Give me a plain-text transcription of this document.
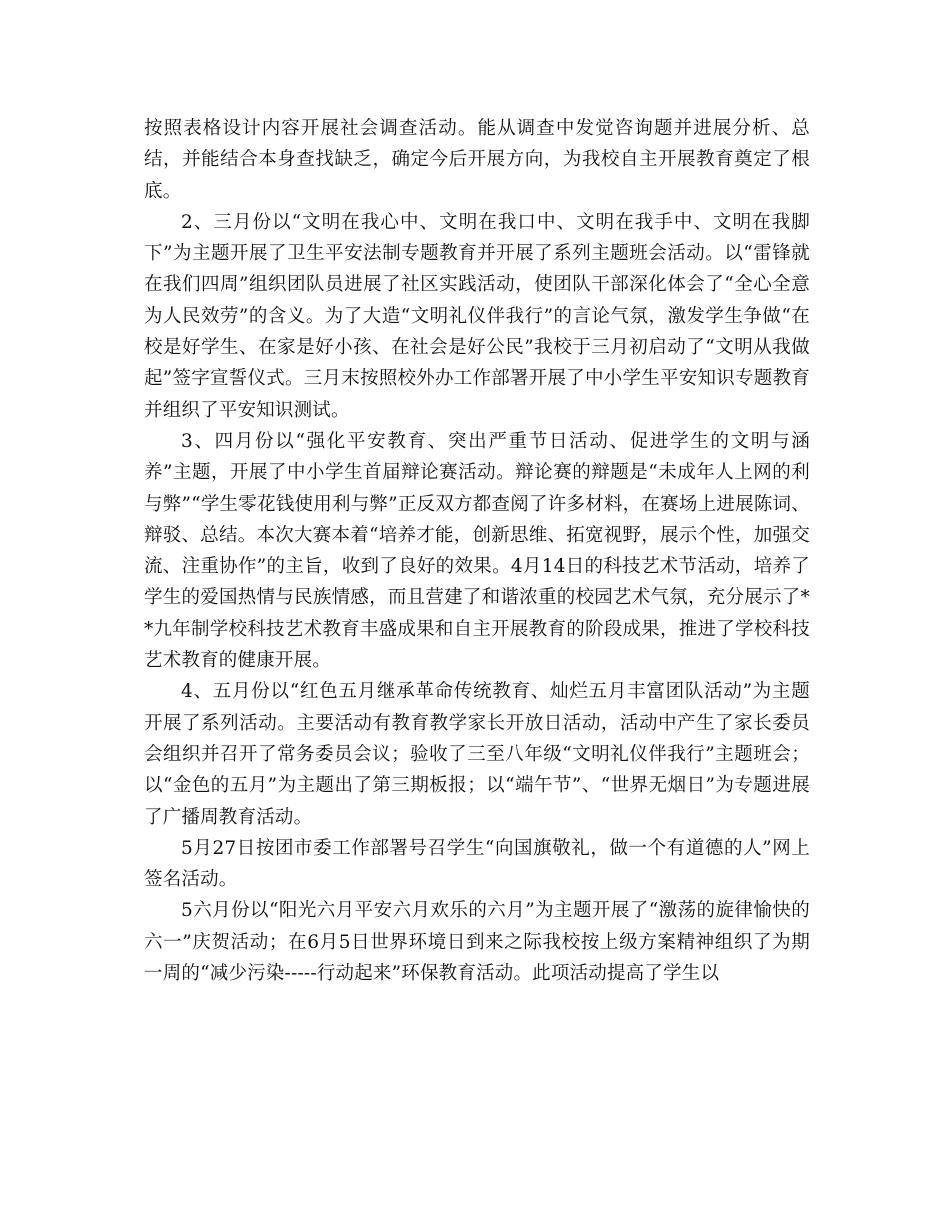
按照表格设计内容开展社会调查活动。能从调查中发觉咨询题并进展分析、总结，并能结合本身查找缺乏，确定今后开展方向，为我校自主开展教育奠定了根底。

2、三月份以“文明在我心中、文明在我口中、文明在我手中、文明在我脚下”为主题开展了卫生平安法制专题教育并开展了系列主题班会活动。以“雷锋就在我们四周”组织团队员进展了社区实践活动，使团队干部深化体会了“全心全意为人民效劳”的含义。为了大造“文明礼仪伴我行”的言论气氛，激发学生争做“在校是好学生、在家是好小孩、在社会是好公民”我校于三月初启动了“文明从我做起”签字宣誓仪式。三月末按照校外办工作部署开展了中小学生平安知识专题教育并组织了平安知识测试。

3、四月份以“强化平安教育、突出严重节日活动、促进学生的文明与涵养”主题，开展了中小学生首届辩论赛活动。辩论赛的辩题是“未成年人上网的利与弊”“学生零花钱使用利与弊”正反双方都查阅了许多材料，在赛场上进展陈词、辩驳、总结。本次大赛本着“培养才能，创新思维、拓宽视野，展示个性，加强交流、注重协作”的主旨，收到了良好的效果。4月14日的科技艺术节活动，培养了学生的爱国热情与民族情感，而且营建了和谐浓重的校园艺术气氛，充分展示了**九年制学校科技艺术教育丰盛成果和自主开展教育的阶段成果，推进了学校科技艺术教育的健康开展。

4、五月份以“红色五月继承革命传统教育、灿烂五月丰富团队活动”为主题开展了系列活动。主要活动有教育教学家长开放日活动，活动中产生了家长委员会组织并召开了常务委员会议；验收了三至八年级“文明礼仪伴我行”主题班会；以“金色的五月”为主题出了第三期板报；以“端午节”、“世界无烟日”为专题进展了广播周教育活动。

5月27日按团市委工作部署号召学生“向国旗敬礼，做一个有道德的人”网上签名活动。

5六月份以“阳光六月平安六月欢乐的六月”为主题开展了“激荡的旋律愉快的六一”庆贺活动；在6月5日世界环境日到来之际我校按上级方案精神组织了为期一周的“减少污染-----行动起来”环保教育活动。此项活动提高了学生以
